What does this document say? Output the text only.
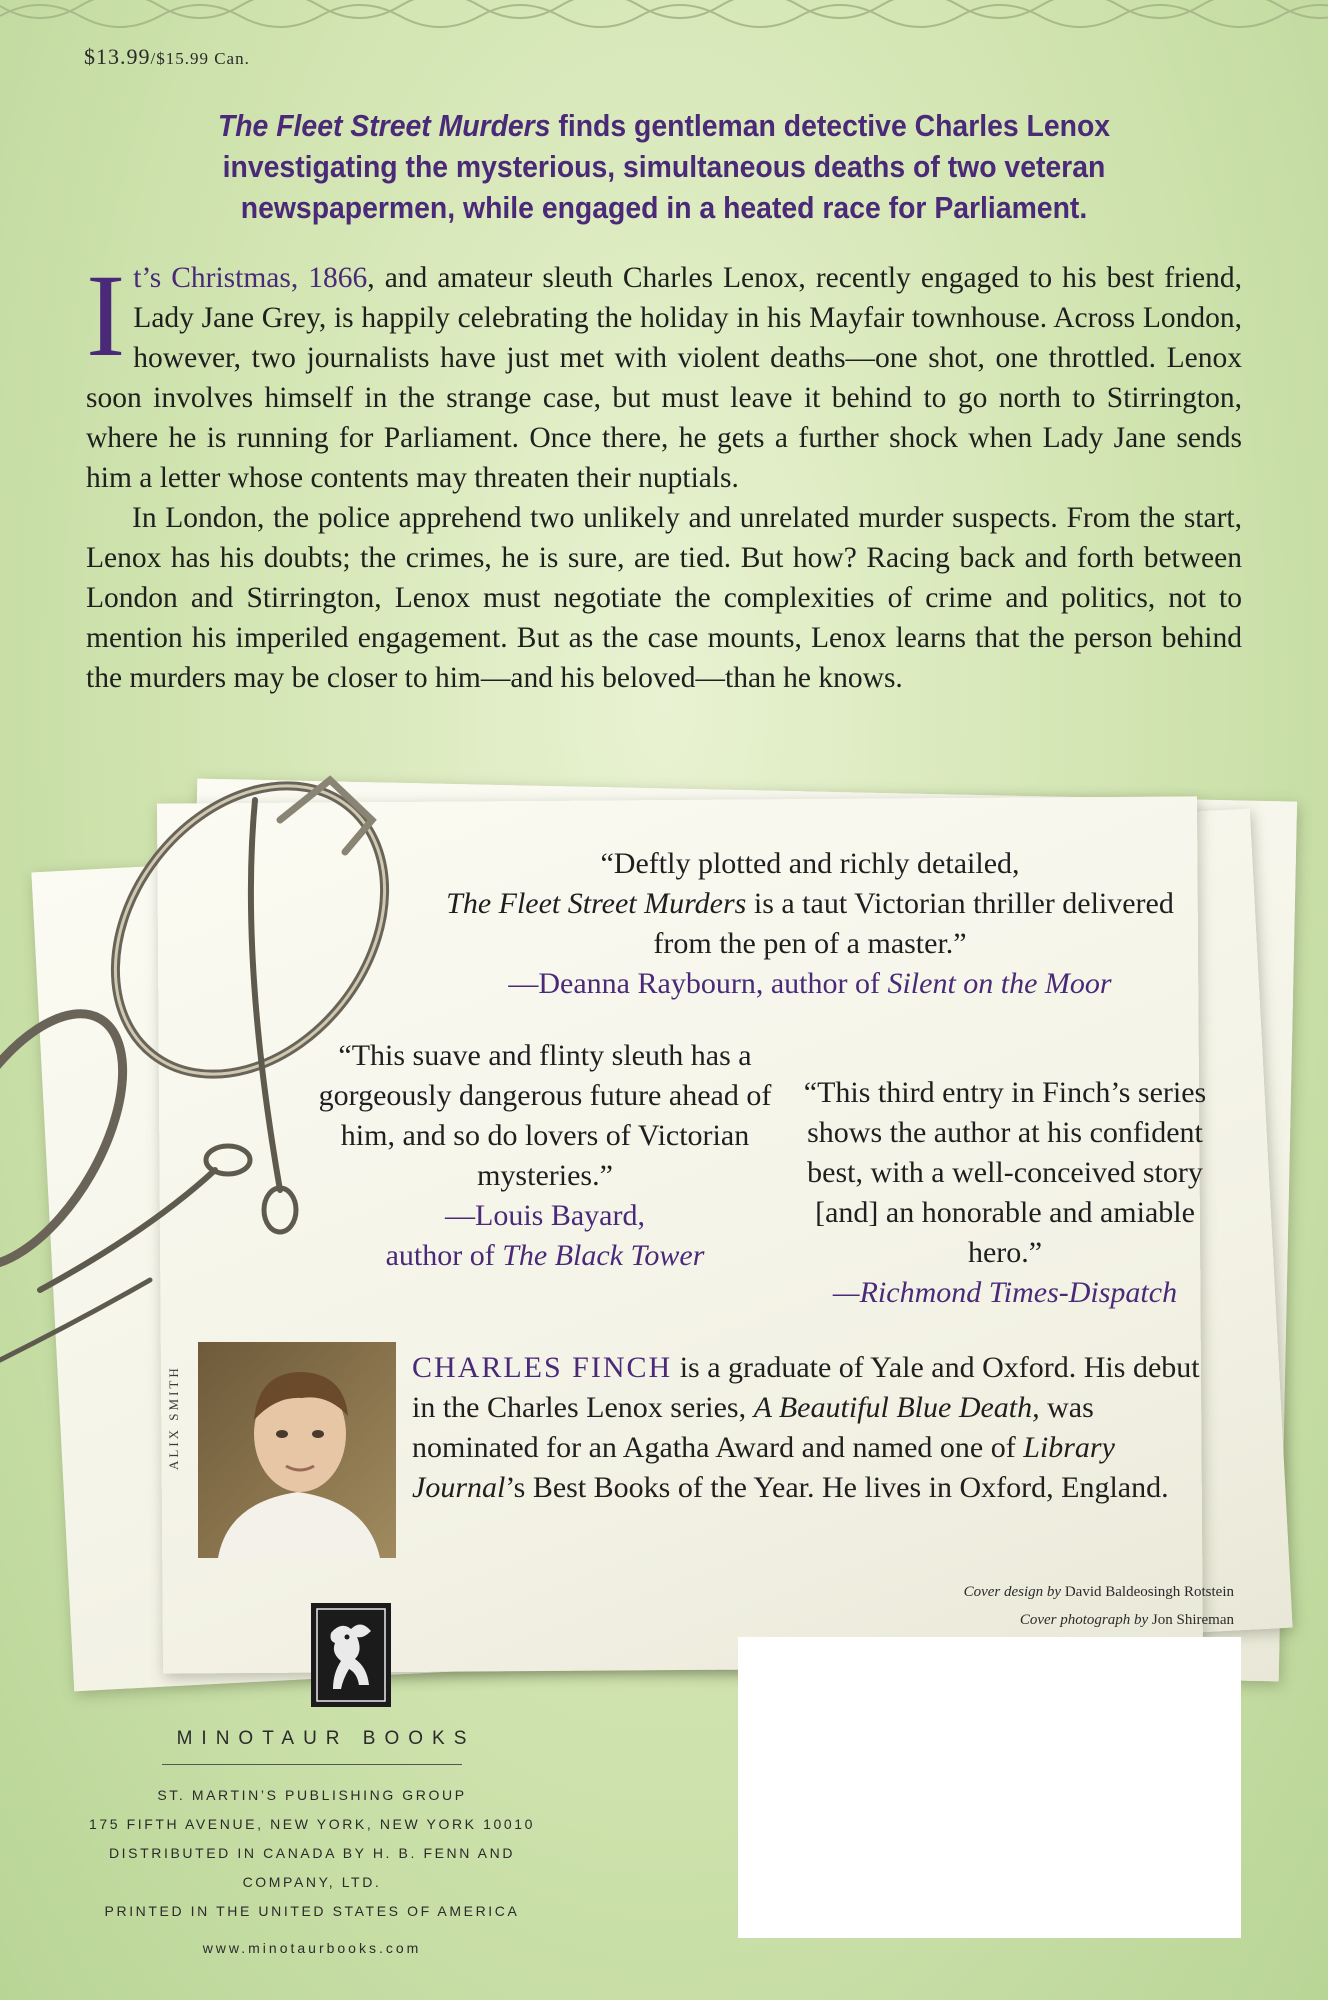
$13.99/$15.99 Can.
The Fleet Street Murders finds gentleman detective Charles Lenox investigating the mysterious, simultaneous deaths of two veteran newspapermen, while engaged in a heated race for Parliament.

It’s Christmas, 1866, and amateur sleuth Charles Lenox, recently engaged to his best friend, Lady Jane Grey, is happily celebrating the holiday in his Mayfair townhouse. Across London, however, two journalists have just met with violent deaths—one shot, one throttled. Lenox soon involves himself in the strange case, but must leave it behind to go north to Stirrington, where he is running for Parliament. Once there, he gets a further shock when Lady Jane sends him a letter whose contents may threaten their nuptials.

In London, the police apprehend two unlikely and unrelated murder suspects. From the start, Lenox has his doubts; the crimes, he is sure, are tied. But how? Racing back and forth between London and Stirrington, Lenox must negotiate the complexities of crime and politics, not to mention his imperiled engagement. But as the case mounts, Lenox learns that the person behind the murders may be closer to him—and his beloved—than he knows.

“Deftly plotted and richly detailed,
The Fleet Street Murders is a taut Victorian thriller delivered from the pen of a master.”
—Deanna Raybourn, author of Silent on the Moor
“This suave and flinty sleuth has a gorgeously dangerous future ahead of him, and so do lovers of Victorian mysteries.”
—Louis Bayard,
author of The Black Tower
“This third entry in Finch’s series shows the author at his confident best, with a well-conceived story [and] an honorable and amiable hero.”
—Richmond Times-Dispatch
ALIX SMITH	CHARLES FINCH is a graduate of Yale and Oxford. His debut in the Charles Lenox series, A Beautiful Blue Death, was nominated for an Agatha Award and named one of Library Journal’s Best Books of the Year. He lives in Oxford, England.
Cover design by David Baldeosingh Rotstein
Cover photograph by Jon Shireman
MINOTAUR BOOKS
ST. MARTIN’S PUBLISHING GROUP
175 FIFTH AVENUE, NEW YORK, NEW YORK 10010
DISTRIBUTED IN CANADA BY H. B. FENN AND COMPANY, LTD.
PRINTED IN THE UNITED STATES OF AMERICA
www.minotaurbooks.com
